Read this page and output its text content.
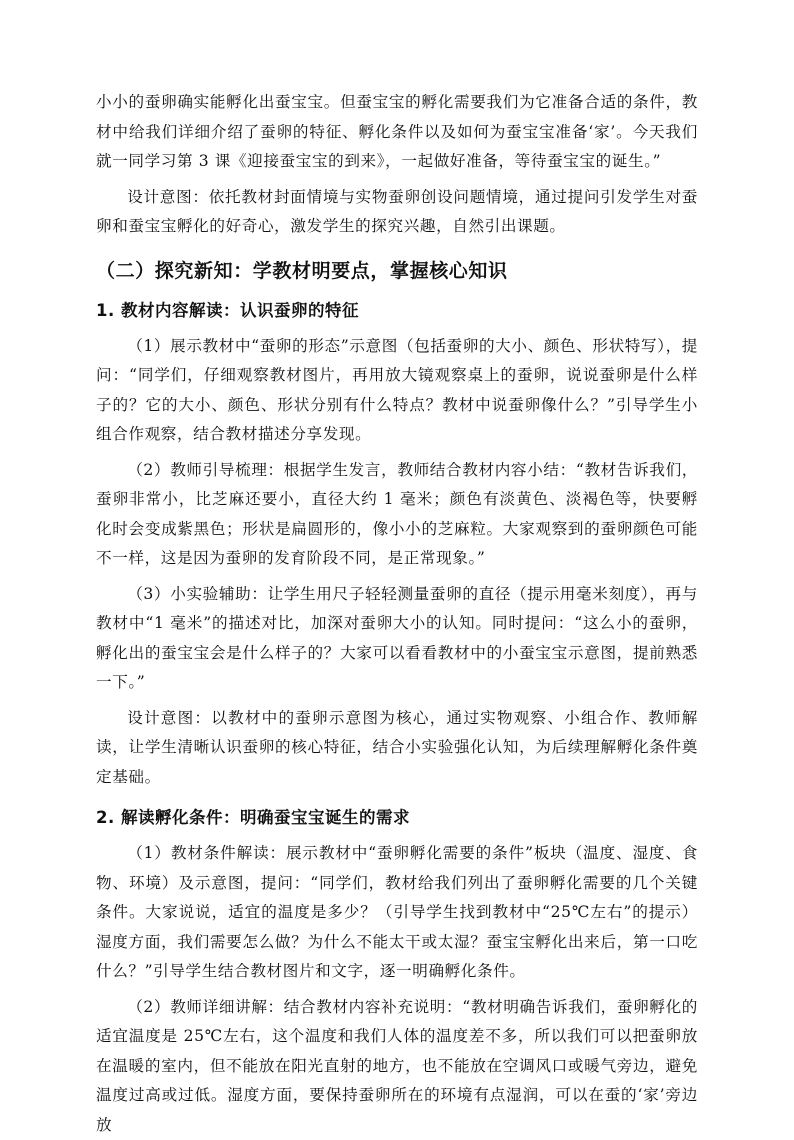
小小的蚕卵确实能孵化出蚕宝宝。但蚕宝宝的孵化需要我们为它准备合适的条件，教材中给我们详细介绍了蚕卵的特征、孵化条件以及如何为蚕宝宝准备‘家’。今天我们就一同学习第 3 课《迎接蚕宝宝的到来》，一起做好准备，等待蚕宝宝的诞生。”

设计意图：依托教材封面情境与实物蚕卵创设问题情境，通过提问引发学生对蚕卵和蚕宝宝孵化的好奇心，激发学生的探究兴趣，自然引出课题。

（二）探究新知：学教材明要点，掌握核心知识
1. 教材内容解读：认识蚕卵的特征

（1）展示教材中“蚕卵的形态”示意图（包括蚕卵的大小、颜色、形状特写），提问：“同学们，仔细观察教材图片，再用放大镜观察桌上的蚕卵，说说蚕卵是什么样子的？它的大小、颜色、形状分别有什么特点？教材中说蚕卵像什么？”引导学生小组合作观察，结合教材描述分享发现。

（2）教师引导梳理：根据学生发言，教师结合教材内容小结：“教材告诉我们，蚕卵非常小，比芝麻还要小，直径大约 1 毫米；颜色有淡黄色、淡褐色等，快要孵化时会变成紫黑色；形状是扁圆形的，像小小的芝麻粒。大家观察到的蚕卵颜色可能不一样，这是因为蚕卵的发育阶段不同，是正常现象。”

（3）小实验辅助：让学生用尺子轻轻测量蚕卵的直径（提示用毫米刻度），再与教材中“1 毫米”的描述对比，加深对蚕卵大小的认知。同时提问：“这么小的蚕卵，孵化出的蚕宝宝会是什么样子的？大家可以看看教材中的小蚕宝宝示意图，提前熟悉一下。”

设计意图：以教材中的蚕卵示意图为核心，通过实物观察、小组合作、教师解读，让学生清晰认识蚕卵的核心特征，结合小实验强化认知，为后续理解孵化条件奠定基础。

2. 解读孵化条件：明确蚕宝宝诞生的需求

（1）教材条件解读：展示教材中“蚕卵孵化需要的条件”板块（温度、湿度、食物、环境）及示意图，提问：“同学们，教材给我们列出了蚕卵孵化需要的几个关键条件。大家说说，适宜的温度是多少？（引导学生找到教材中“25℃左右”的提示）湿度方面，我们需要怎么做？为什么不能太干或太湿？蚕宝宝孵化出来后，第一口吃什么？”引导学生结合教材图片和文字，逐一明确孵化条件。

（2）教师详细讲解：结合教材内容补充说明：“教材明确告诉我们，蚕卵孵化的适宜温度是 25℃左右，这个温度和我们人体的温度差不多，所以我们可以把蚕卵放在温暖的室内，但不能放在阳光直射的地方，也不能放在空调风口或暖气旁边，避免温度过高或过低。湿度方面，要保持蚕卵所在的环境有点湿润，可以在蚕的‘家’旁边放
